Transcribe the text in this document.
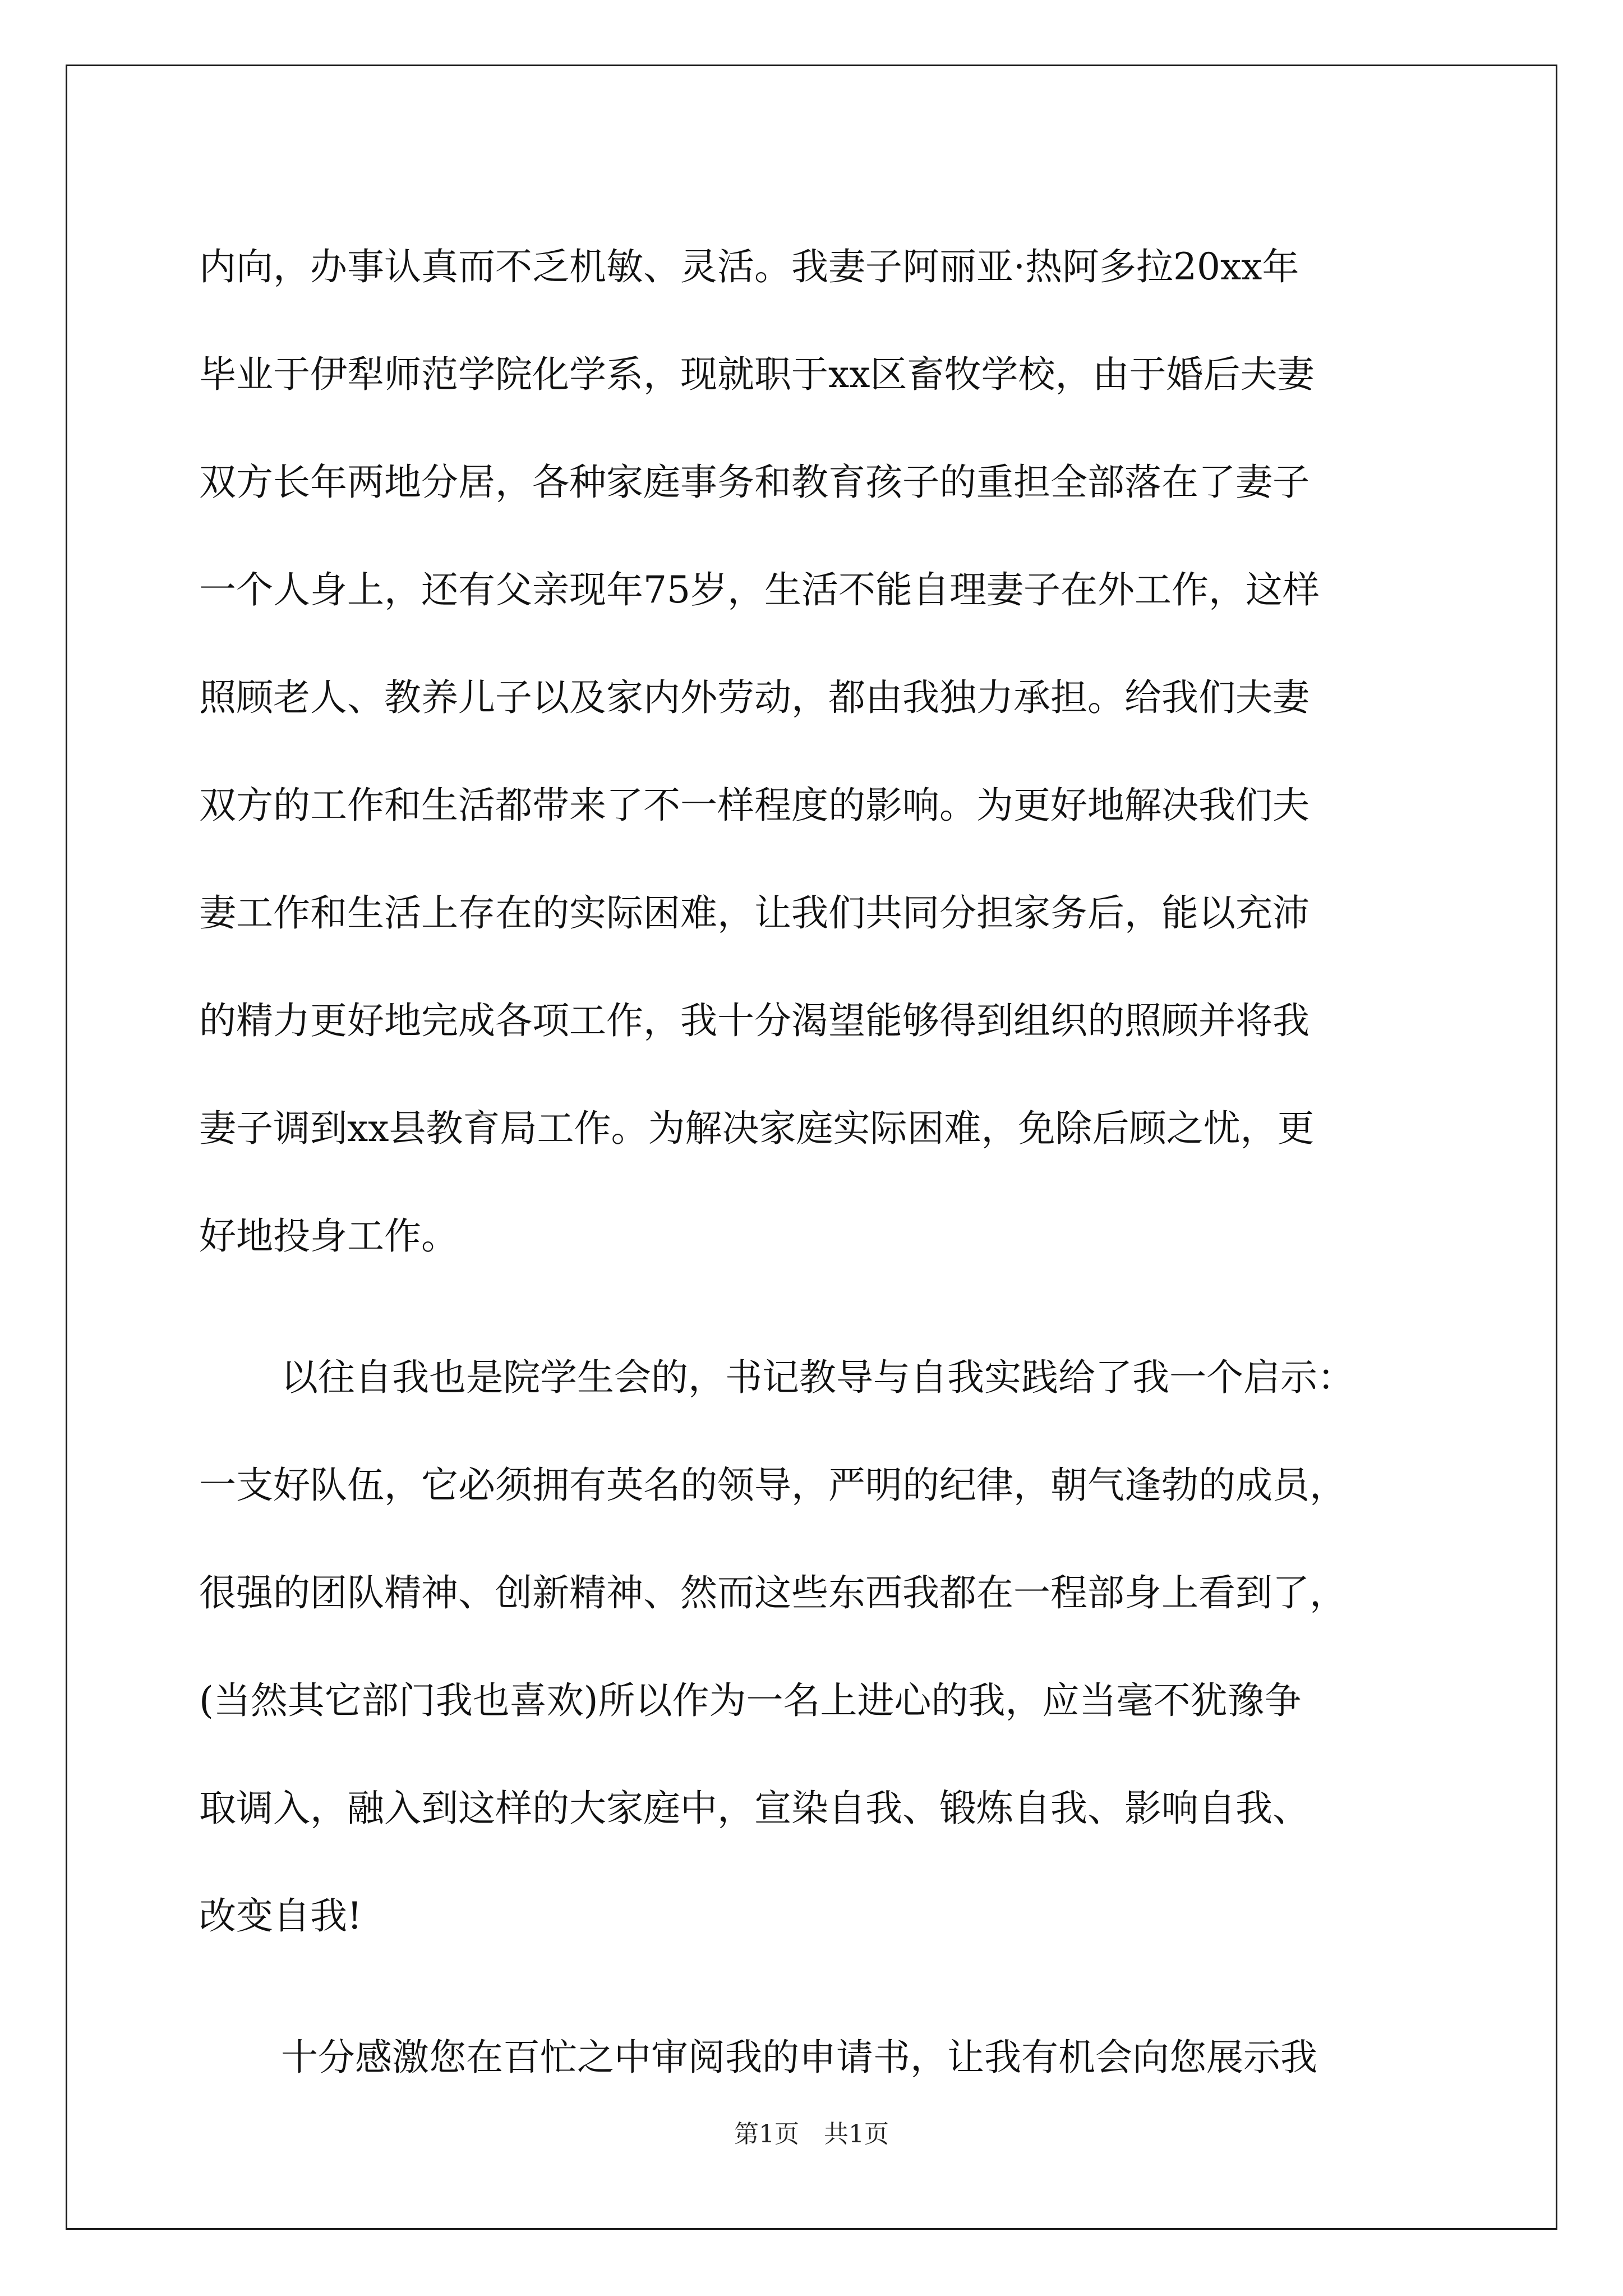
内向，办事认真而不乏机敏、灵活。我妻子阿丽亚·热阿多拉20xx年
毕业于伊犁师范学院化学系，现就职于xx区畜牧学校，由于婚后夫妻
双方长年两地分居，各种家庭事务和教育孩子的重担全部落在了妻子
一个人身上，还有父亲现年75岁，生活不能自理妻子在外工作，这样
照顾老人、教养儿子以及家内外劳动，都由我独力承担。给我们夫妻
双方的工作和生活都带来了不一样程度的影响。为更好地解决我们夫
妻工作和生活上存在的实际困难，让我们共同分担家务后，能以充沛
的精力更好地完成各项工作，我十分渴望能够得到组织的照顾并将我
妻子调到xx县教育局工作。为解决家庭实际困难，免除后顾之忧，更
好地投身工作。
以往自我也是院学生会的，书记教导与自我实践给了我一个启示：
一支好队伍，它必须拥有英名的领导，严明的纪律，朝气逢勃的成员，
很强的团队精神、创新精神、然而这些东西我都在一程部身上看到了，
(当然其它部门我也喜欢)所以作为一名上进心的我，应当毫不犹豫争
取调入，融入到这样的大家庭中，宣染自我、锻炼自我、影响自我、
改变自我!
十分感激您在百忙之中审阅我的申请书，让我有机会向您展示我
第1页　共1页
